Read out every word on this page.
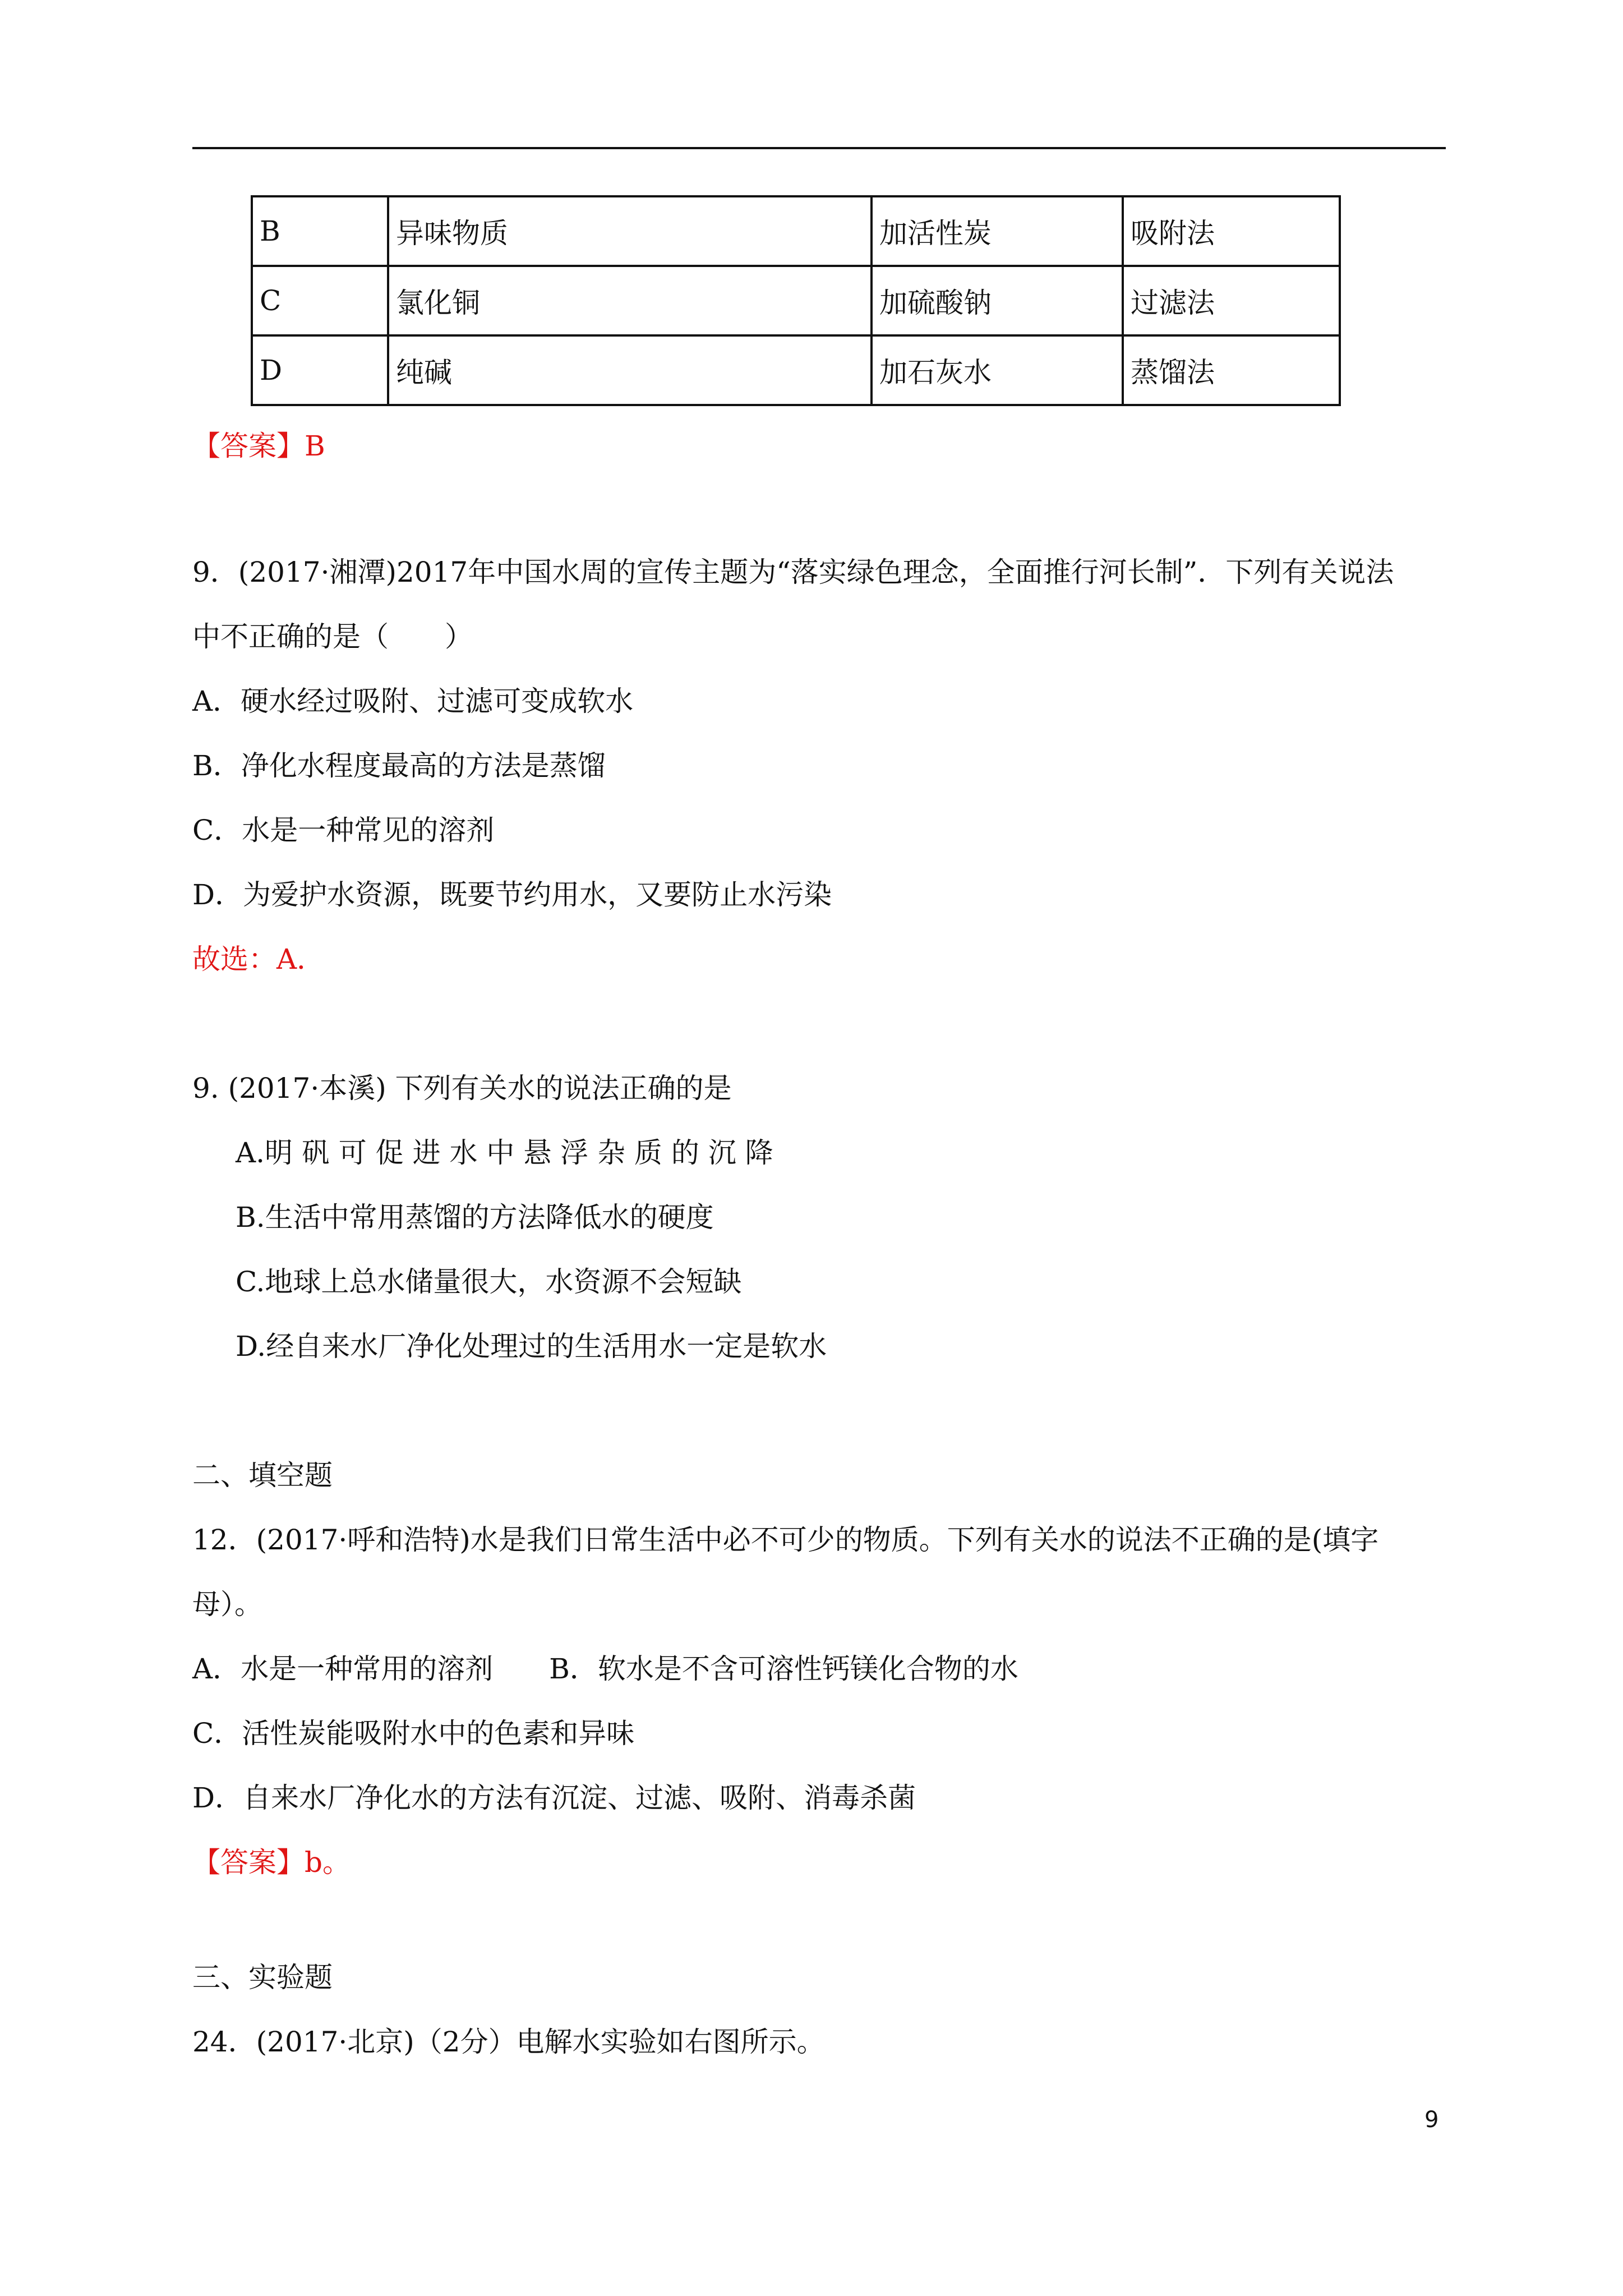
B	异味物质	加活性炭	吸附法
C	氯化铜	加硫酸钠	过滤法
D	纯碱	加石灰水	蒸馏法
【答案】B
9．(2017·湘潭)2017年中国水周的宣传主题为“落实绿色理念，全面推行河长制”．下列有关说法
中不正确的是（　　）
A．硬水经过吸附、过滤可变成软水
B．净化水程度最高的方法是蒸馏
C．水是一种常见的溶剂
D．为爱护水资源，既要节约用水，又要防止水污染
故选：A．
9. (2017·本溪) 下列有关水的说法正确的是
A.明 矾 可 促 进 水 中 悬 浮 杂 质 的 沉 降
B.生活中常用蒸馏的方法降低水的硬度
C.地球上总水储量很大，水资源不会短缺
D.经自来水厂净化处理过的生活用水一定是软水
二、填空题
12．(2017·呼和浩特)水是我们日常生活中必不可少的物质。下列有关水的说法不正确的是(填字
母）。
A．水是一种常用的溶剂　　B．软水是不含可溶性钙镁化合物的水
C．活性炭能吸附水中的色素和异味
D．自来水厂净化水的方法有沉淀、过滤、吸附、消毒杀菌
【答案】b。
三、实验题
24．(2017·北京)（2分）电解水实验如右图所示。
9
